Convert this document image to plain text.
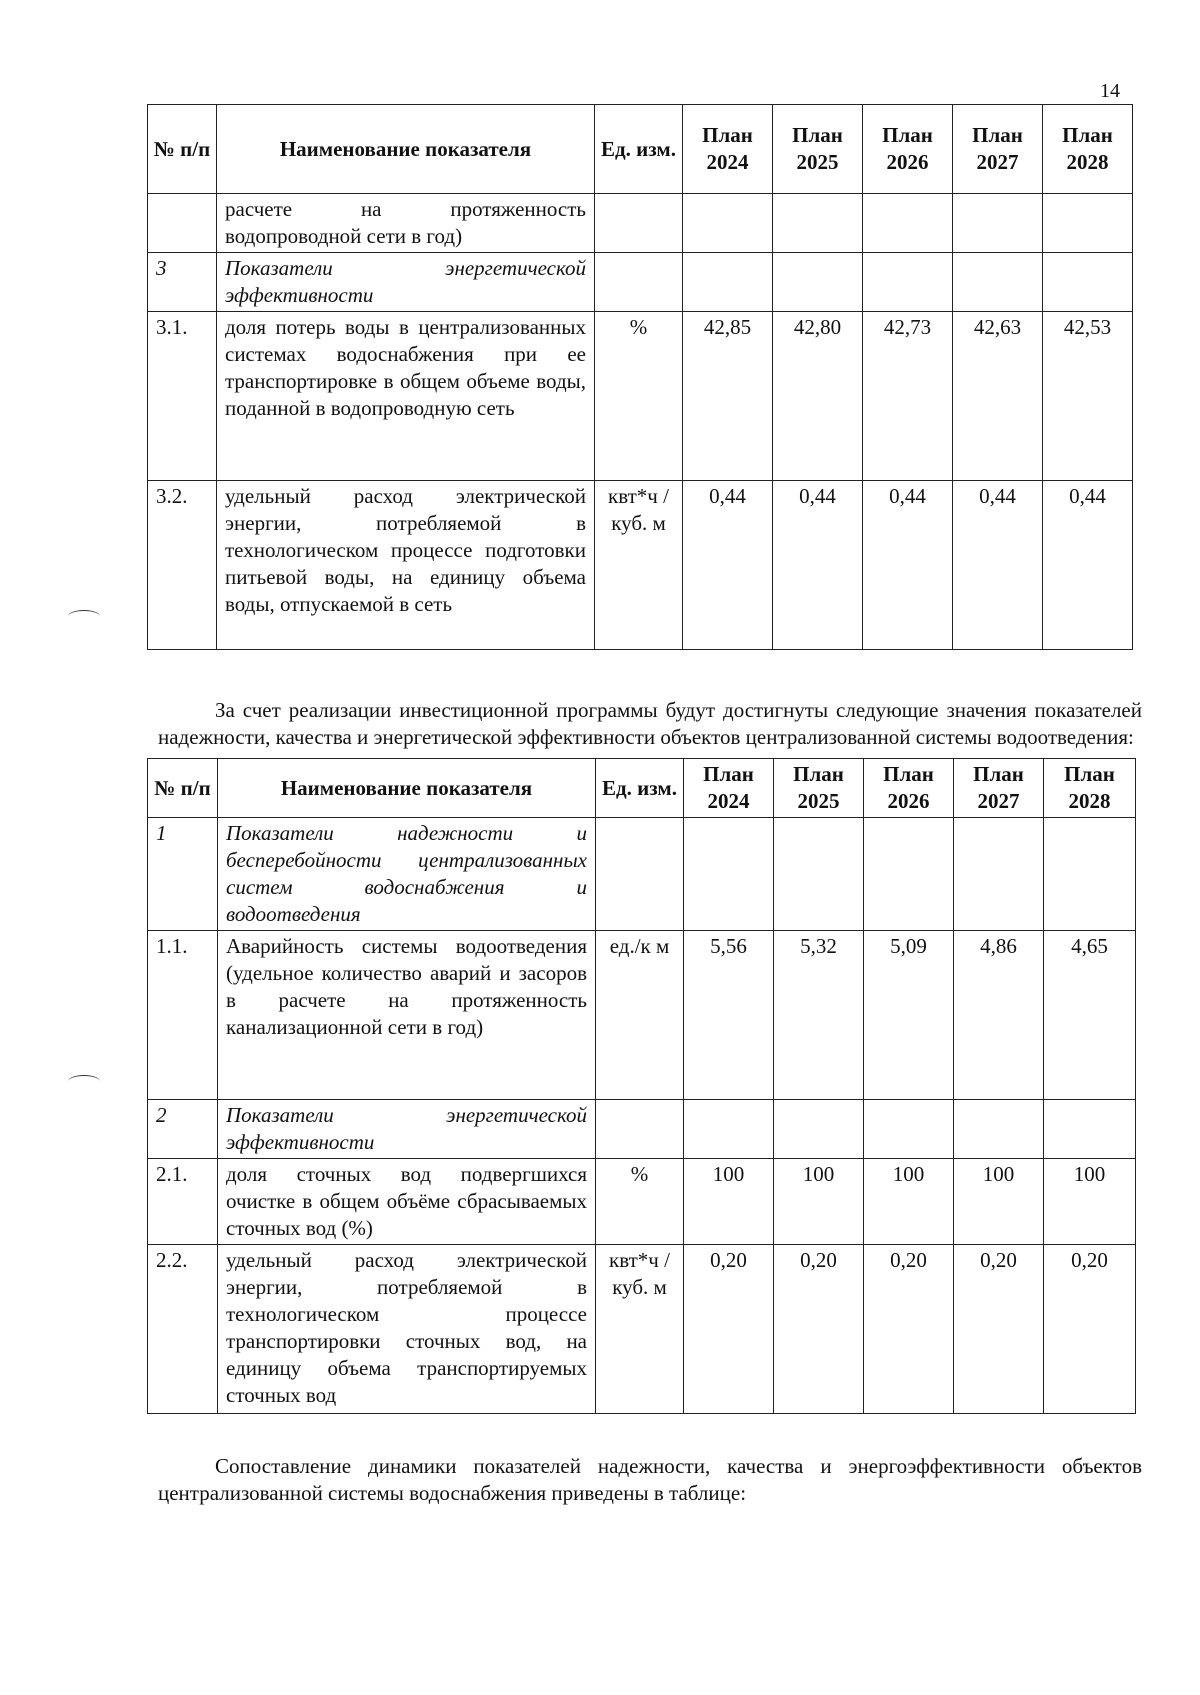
14
№ п/п	Наименование показателя	Ед. изм.	План 2024	План 2025	План 2026	План 2027	План 2028
	расчете на протяженность водопроводной сети в год)						
3	Показатели энергетической эффективности						
3.1.	доля потерь воды в централизованных системах водоснабжения при ее транспортировке в общем объеме воды, поданной в водопроводную сеть	%	42,85	42,80	42,73	42,63	42,53
3.2.	удельный расход электрической энергии, потребляемой в технологическом процессе подготовки питьевой воды, на единицу объема воды, отпускаемой в сеть	квт*ч /куб. м	0,44	0,44	0,44	0,44	0,44

За счет реализации инвестиционной программы будут достигнуты следующие значения показателей надежности, качества и энергетической эффективности объектов централизованной системы водоотведения:

№ п/п	Наименование показателя	Ед. изм.	План 2024	План 2025	План 2026	План 2027	План 2028
1	Показатели надежности и бесперебойности централизованных систем водоснабжения и водоотведения						
1.1.	Аварийность системы водоотведения (удельное количество аварий и засоров в расчете на протяженность канализационной сети в год)	ед./к м	5,56	5,32	5,09	4,86	4,65
2	Показатели энергетической эффективности						
2.1.	доля сточных вод подвергшихся очистке в общем объёме сбрасываемых сточных вод (%)	%	100	100	100	100	100
2.2.	удельный расход электрической энергии, потребляемой в технологическом процессе транспортировки сточных вод, на единицу объема транспортируемых сточных вод	квт*ч /куб. м	0,20	0,20	0,20	0,20	0,20

Сопоставление динамики показателей надежности, качества и энергоэффективности объектов централизованной системы водоснабжения приведены в таблице:
